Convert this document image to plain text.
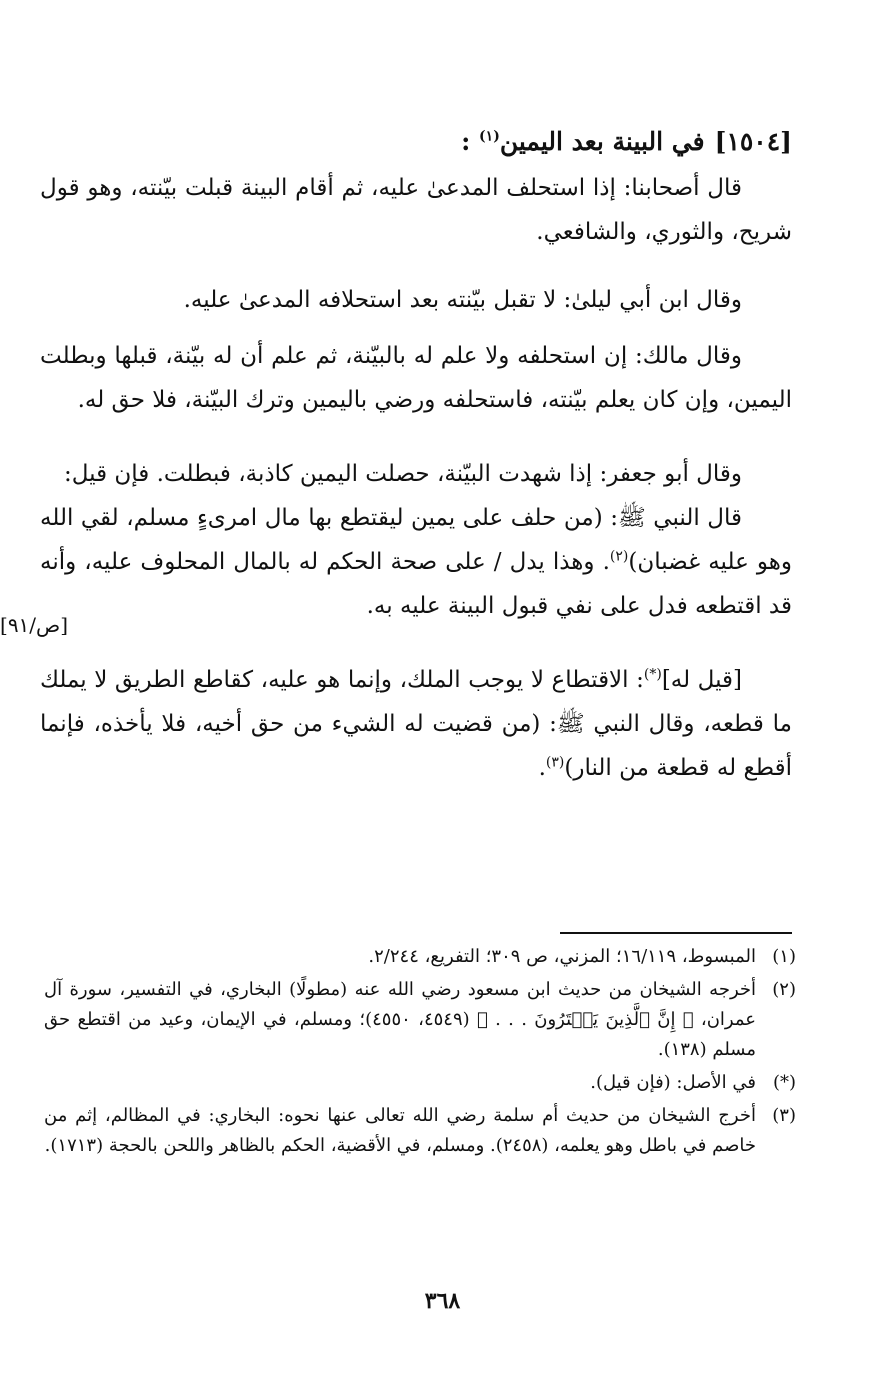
[١٥٠٤]في البينة بعد اليمين$^{(١)}$ :

قال أصحابنا: إذا استحلف المدعىٰ عليه، ثم أقام البينة قبلت بيّنته، وهو قول شريح، والثوري، والشافعي.

وقال ابن أبي ليلىٰ: لا تقبل بيّنته بعد استحلافه المدعىٰ عليه.

وقال مالك: إن استحلفه ولا علم له بالبيّنة، ثم علم أن له بيّنة، قبلها وبطلت اليمين، وإن كان يعلم بيّنته، فاستحلفه ورضي باليمين وترك البيّنة، فلا حق له.

وقال أبو جعفر: إذا شهدت البيّنة، حصلت اليمين كاذبة، فبطلت. فإن قيل:

قال النبي ﷺ: (من حلف على يمين ليقتطع بها مال امرىءٍ مسلم، لقي الله وهو عليه غضبان)$^{(٢)}$. وهذا يدل / على صحة الحكم له بالمال المحلوف عليه، وأنه قد اقتطعه فدل على نفي قبول البينة عليه به.

[قيل له](*): الاقتطاع لا يوجب الملك، وإنما هو عليه، كقاطع الطريق لا يملك ما قطعه، وقال النبي ﷺ: (من قضيت له الشيء من حق أخيه، فلا يأخذه، فإنما أقطع له قطعة من النار)$^{(٣)}$.

[ص/٩١]
(١)
المبسوط، ١٦/١١٩؛ المزني، ص ٣٠٩؛ التفريع، ٢/٢٤٤.
(٢)
أخرجه الشيخان من حديث ابن مسعود رضي الله عنه (مطولًا) البخاري، في التفسير، سورة آل عمران، ﴿ إِنَّ ٱلَّذِينَ يَشۡتَرُونَ . . . ﴾ (٤٥٤٩، ٤٥٥٠)؛ ومسلم، في الإيمان، وعيد من اقتطع حق مسلم (١٣٨).
(*)
في الأصل: (فإن قيل).
(٣)
أخرج الشيخان من حديث أم سلمة رضي الله تعالى عنها نحوه: البخاري: في المظالم، إثم من خاصم في باطل وهو يعلمه، (٢٤٥٨). ومسلم، في الأقضية، الحكم بالظاهر واللحن بالحجة (١٧١٣).
٣٦٨
